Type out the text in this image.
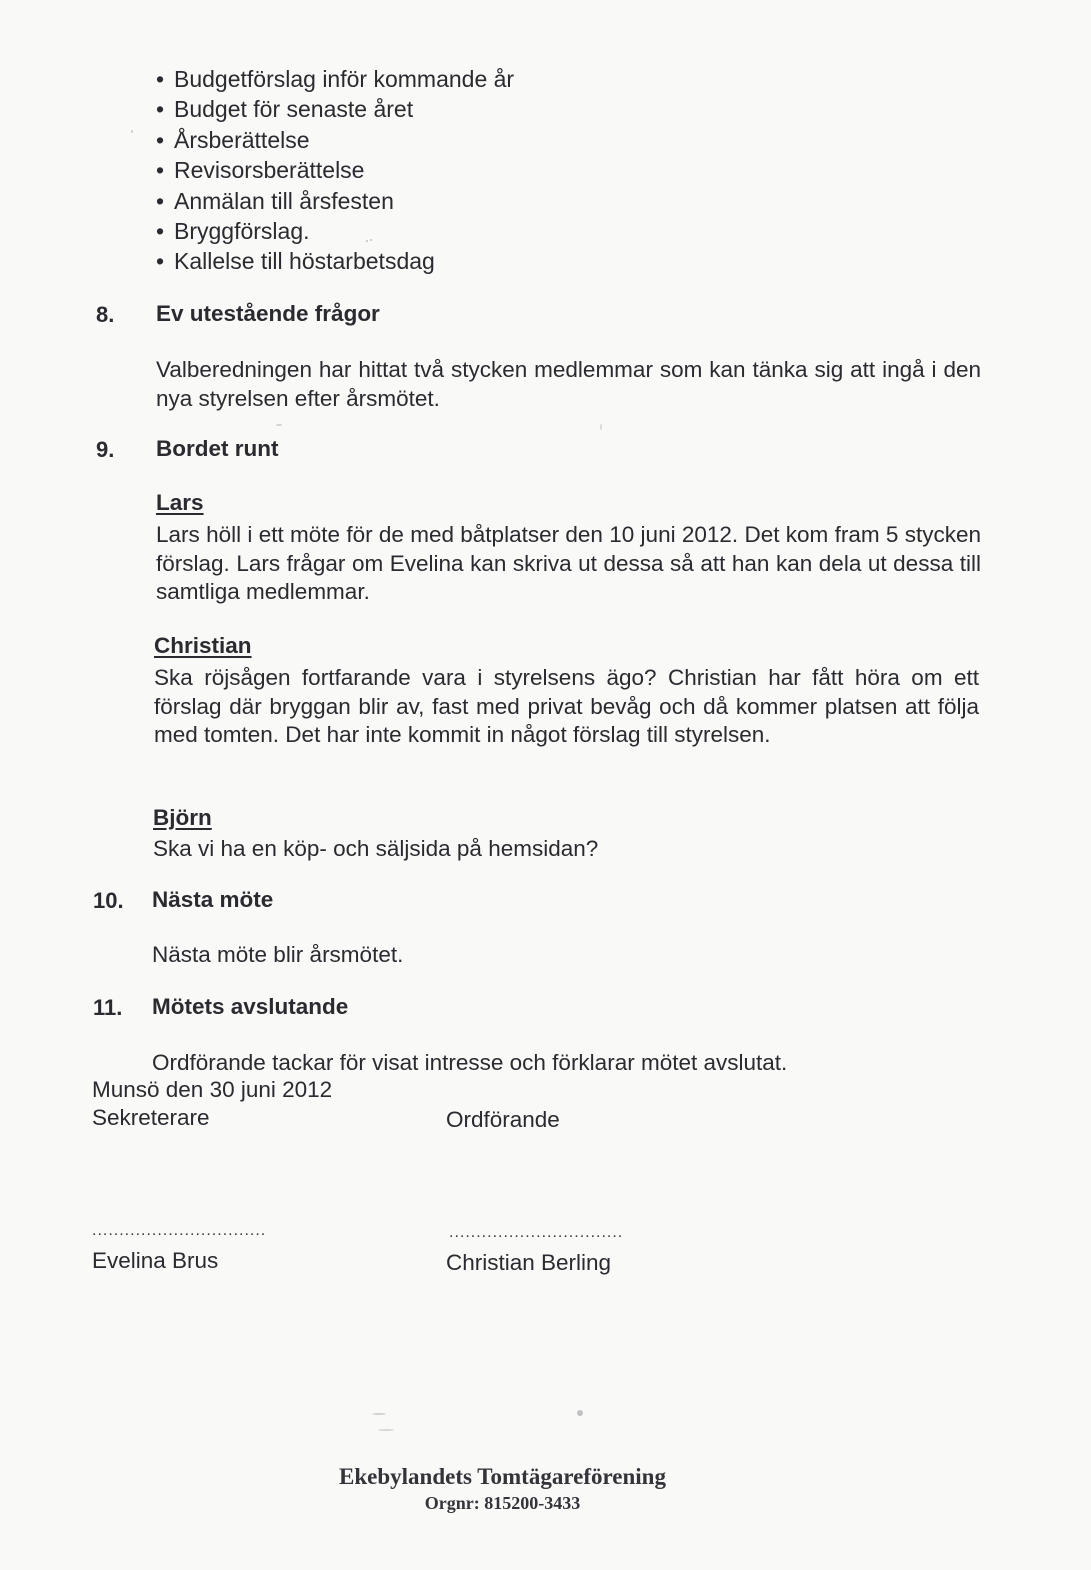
• Budgetförslag inför kommande år
• Budget för senaste året
• Årsberättelse
• Revisorsberättelse
• Anmälan till årsfesten
• Bryggförslag.
• Kallelse till höstarbetsdag
8. Ev utestående frågor
Valberedningen har hittat två stycken medlemmar som kan tänka sig att ingå i den nya styrelsen efter årsmötet.
9. Bordet runt
Lars
Lars höll i ett möte för de med båtplatser den 10 juni 2012. Det kom fram 5 stycken förslag. Lars frågar om Evelina kan skriva ut dessa så att han kan dela ut dessa till samtliga medlemmar.
Christian
Ska röjsågen fortfarande vara i styrelsens ägo? Christian har fått höra om ett förslag där bryggan blir av, fast med privat bevåg och då kommer platsen att följa med tomten. Det har inte kommit in något förslag till styrelsen.
Björn
Ska vi ha en köp- och säljsida på hemsidan?
10. Nästa möte
Nästa möte blir årsmötet.
11. Mötets avslutande
Ordförande tackar för visat intresse och förklarar mötet avslutat.
Munsö den 30 juni 2012
Sekreterare	Ordförande
................................	................................
Evelina Brus	Christian Berling
Ekebylandets Tomtägareförening
Orgnr: 815200-3433
